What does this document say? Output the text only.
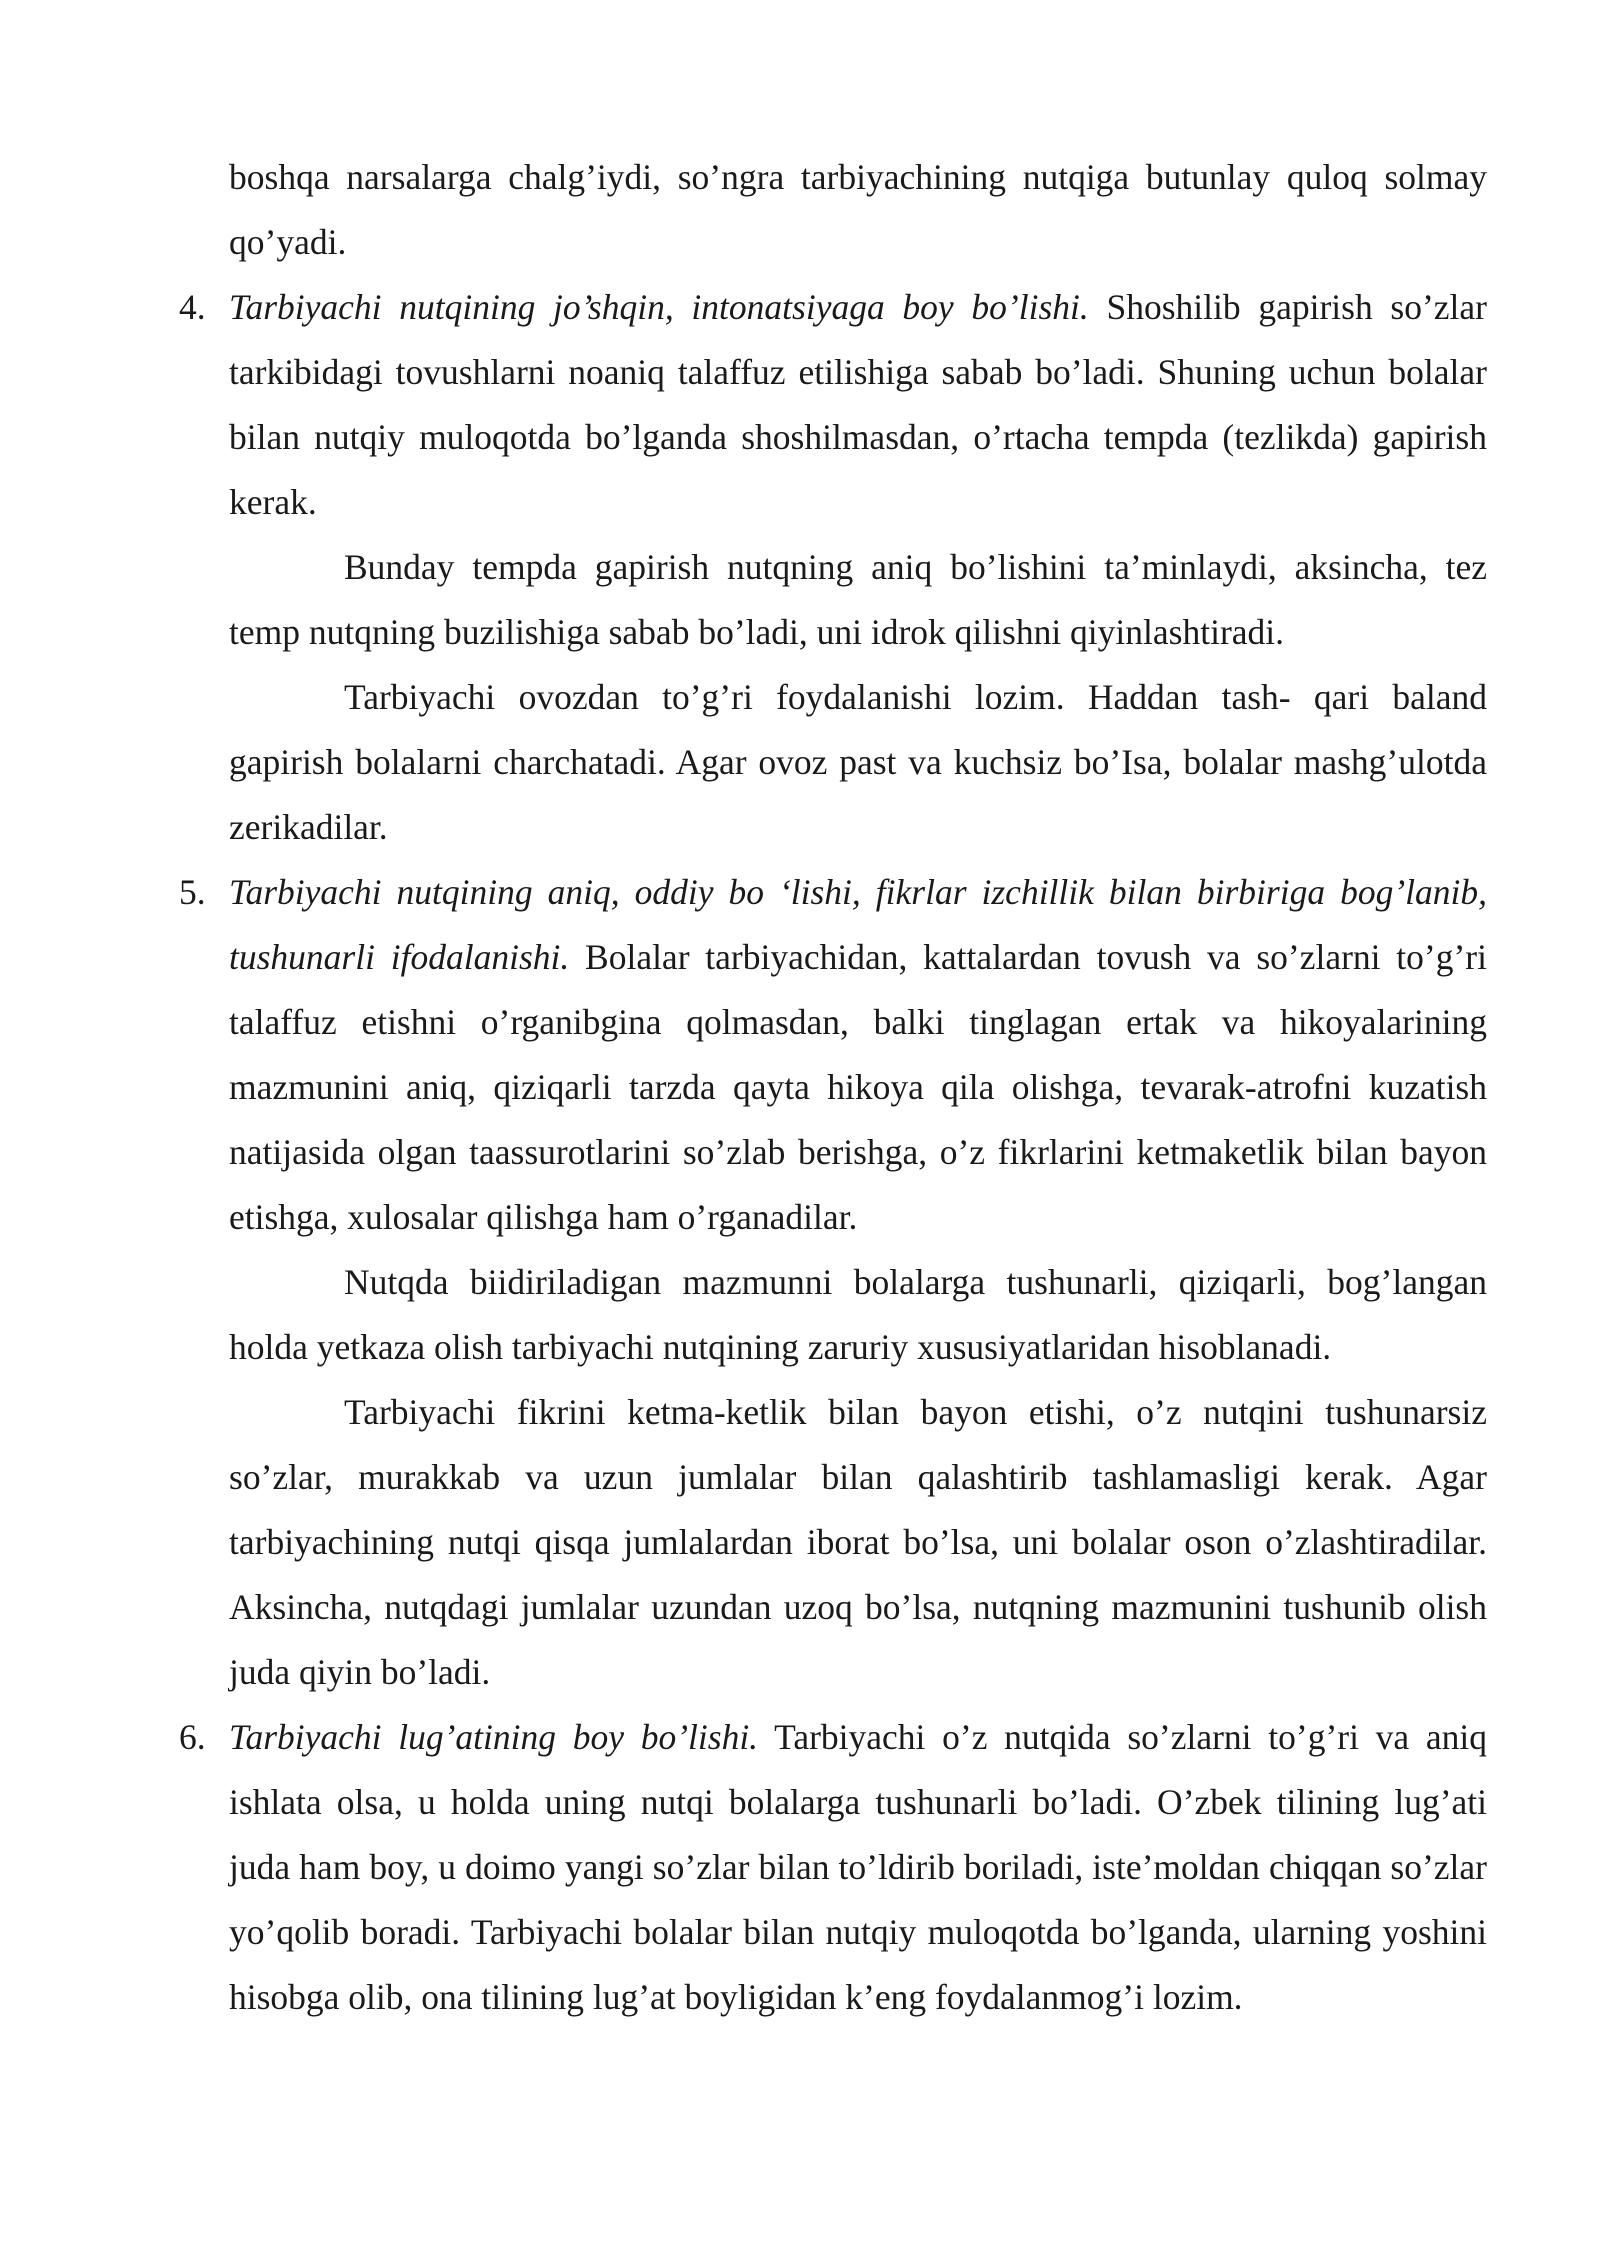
boshqa narsalarga chalg’iydi, so’ngra tarbiyachining nutqiga butunlay quloq solmay qo’yadi.

4. Tarbiyachi nutqining jo’shqin, intonatsiyaga boy bo’lishi. Shoshilib gapirish so’zlar tarkibidagi tovushlarni noaniq talaffuz etilishiga sabab bo’ladi. Shuning uchun bolalar bilan nutqiy muloqotda bo’lganda shoshilmasdan, o’rtacha tempda (tezlikda) gapirish kerak.

Bunday tempda gapirish nutqning aniq bo’lishini ta’minlaydi, aksincha, tez temp nutqning buzilishiga sabab bo’ladi, uni idrok qilishni qiyinlashtiradi.

Tarbiyachi ovozdan to’g’ri foydalanishi lozim. Haddan tash- qari baland gapirish bolalarni charchatadi. Agar ovoz past va kuchsiz bo’Isa, bolalar mashg’ulotda zerikadilar.

5. Tarbiyachi nutqining aniq, oddiy bo ‘lishi, fikrlar izchillik bilan birbiriga bog’lanib, tushunarli ifodalanishi. Bolalar tarbiyachidan, kattalardan tovush va so’zlarni to’g’ri talaffuz etishni o’rganibgina qolmasdan, balki tinglagan ertak va hikoyalarining mazmunini aniq, qiziqarli tarzda qayta hikoya qila olishga, tevarak-atrofni kuzatish natijasida olgan taassurotlarini so’zlab berishga, o’z fikrlarini ketmaketlik bilan bayon etishga, xulosalar qilishga ham o’rganadilar.

Nutqda biidiriladigan mazmunni bolalarga tushunarli, qiziqarli, bog’langan holda yetkaza olish tarbiyachi nutqining zaruriy xususiyatlaridan hisoblanadi.

Tarbiyachi fikrini ketma-ketlik bilan bayon etishi, o’z nutqini tushunarsiz so’zlar, murakkab va uzun jumlalar bilan qalashtirib tashlamasligi kerak. Agar tarbiyachining nutqi qisqa jumlalardan iborat bo’lsa, uni bolalar oson o’zlashtiradilar. Aksincha, nutqdagi jumlalar uzundan uzoq bo’lsa, nutqning mazmunini tushunib olish juda qiyin bo’ladi.

6. Tarbiyachi lug’atining boy bo’lishi. Tarbiyachi o’z nutqida so’zlarni to’g’ri va aniq ishlata olsa, u holda uning nutqi bolalarga tushunarli bo’ladi. O’zbek tilining lug’ati juda ham boy, u doimo yangi so’zlar bilan to’ldirib boriladi, iste’moldan chiqqan so’zlar yo’qolib boradi. Tarbiyachi bolalar bilan nutqiy muloqotda bo’lganda, ularning yoshini hisobga olib, ona tilining lug’at boyligidan k’eng foydalanmog’i lozim.
